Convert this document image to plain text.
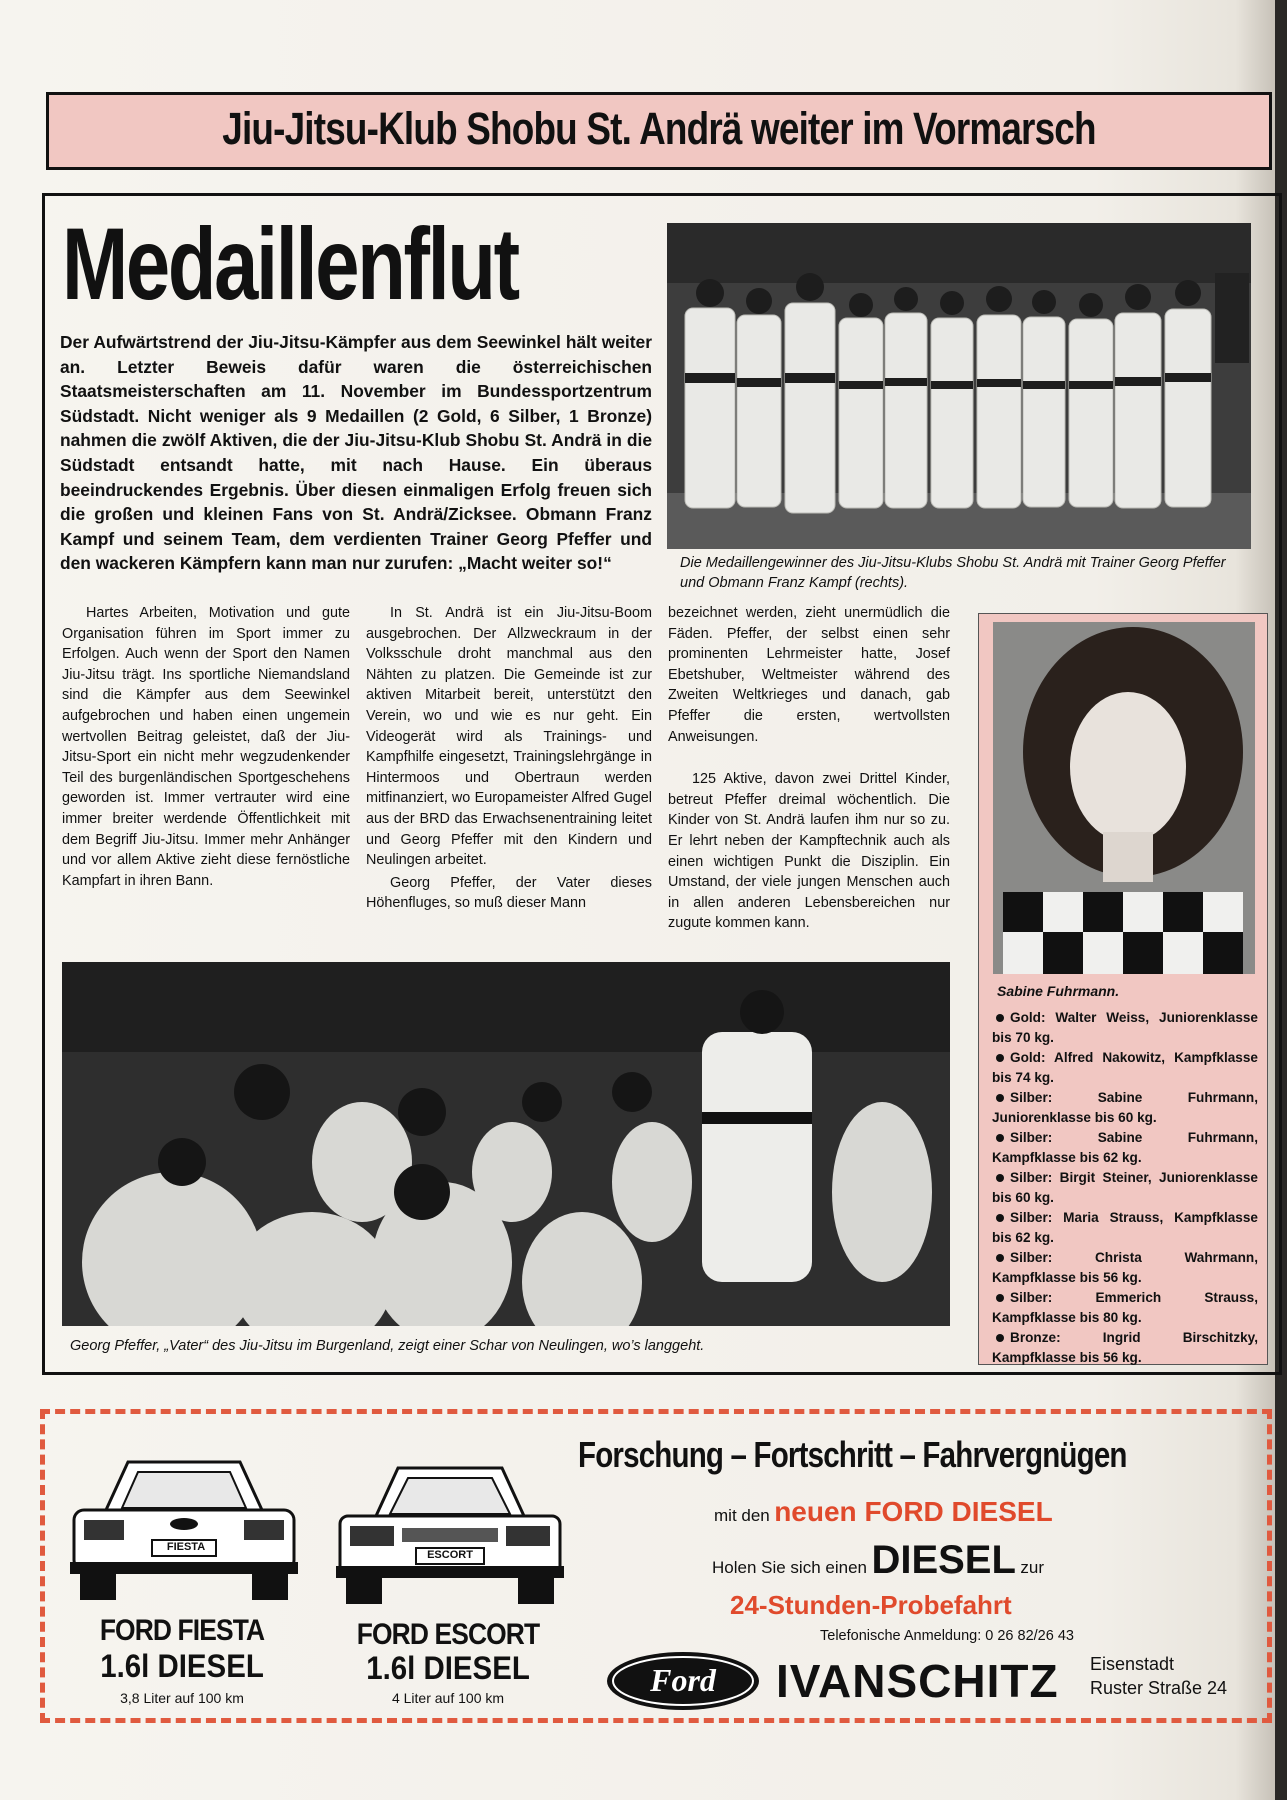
Jiu-Jitsu-Klub Shobu St. Andrä weiter im Vormarsch
Medaillenflut

Der Aufwärtstrend der Jiu-Jitsu-Kämpfer aus dem Seewinkel hält weiter an. Letzter Beweis dafür waren die österreichischen Staatsmeisterschaften am 11. November im Bundessportzentrum Südstadt. Nicht weniger als 9 Medaillen (2 Gold, 6 Silber, 1 Bronze) nahmen die zwölf Aktiven, die der Jiu-Jitsu-Klub Shobu St. Andrä in die Südstadt entsandt hatte, mit nach Hause. Ein überaus beeindruckendes Ergebnis. Über diesen einmaligen Erfolg freuen sich die großen und kleinen Fans von St. Andrä/Zicksee. Obmann Franz Kampf und seinem Team, dem verdienten Trainer Georg Pfeffer und den wackeren Kämpfern kann man nur zurufen: „Macht weiter so!“	Die Medaillengewinner des Jiu-Jitsu-Klubs Shobu St. Andrä mit Trainer Georg Pfeffer und Obmann Franz Kampf (rechts).

Hartes Arbeiten, Motivation und gute Organisation führen im Sport immer zu Erfolgen. Auch wenn der Sport den Namen Jiu-Jitsu trägt. Ins sportliche Niemandsland sind die Kämpfer aus dem Seewinkel aufgebrochen und haben einen ungemein wertvollen Beitrag geleistet, daß der Jiu-Jitsu-Sport ein nicht mehr wegzudenkender Teil des burgenländischen Sportgeschehens geworden ist. Immer vertrauter wird eine immer breiter werdende Öffentlichkeit mit dem Begriff Jiu-Jitsu. Immer mehr Anhänger und vor allem Aktive zieht diese fernöstliche Kampfart in ihren Bann.

In St. Andrä ist ein Jiu-Jitsu-Boom ausgebrochen. Der Allzweckraum in der Volksschule droht manchmal aus den Nähten zu platzen. Die Gemeinde ist zur aktiven Mitarbeit bereit, unterstützt den Verein, wo und wie es nur geht. Ein Videogerät wird als Trainings- und Kampfhilfe eingesetzt, Trainingslehrgänge in Hintermoos und Obertraun werden mitfinanziert, wo Europameister Alfred Gugel aus der BRD das Erwachsenentraining leitet und Georg Pfeffer mit den Kindern und Neulingen arbeitet.

Georg Pfeffer, der Vater dieses Höhenfluges, so muß dieser Mann

bezeichnet werden, zieht unermüdlich die Fäden. Pfeffer, der selbst einen sehr prominenten Lehrmeister hatte, Josef Ebetshuber, Weltmeister während des Zweiten Weltkrieges und danach, gab Pfeffer die ersten, wertvollsten Anweisungen.

125 Aktive, davon zwei Drittel Kinder, betreut Pfeffer dreimal wöchentlich. Die Kinder von St. Andrä laufen ihm nur so zu. Er lehrt neben der Kampftechnik auch als einen wichtigen Punkt die Disziplin. Ein Umstand, der viele jungen Menschen auch in allen anderen Lebensbereichen nur zugute kommen kann.

Georg Pfeffer, „Vater“ des Jiu-Jitsu im Burgenland, zeigt einer Schar von Neulingen, wo’s langgeht.

Sabine Fuhrmann.

Gold: Walter Weiss, Juniorenklasse bis 70 kg.
Gold: Alfred Nakowitz, Kampfklasse bis 74 kg.
Silber: Sabine Fuhrmann, Juniorenklasse bis 60 kg.
Silber: Sabine Fuhrmann, Kampfklasse bis 62 kg.
Silber: Birgit Steiner, Juniorenklasse bis 60 kg.
Silber: Maria Strauss, Kampfklasse bis 62 kg.
Silber: Christa Wahrmann, Kampfklasse bis 56 kg.
Silber: Emmerich Strauss, Kampfklasse bis 80 kg.
Bronze: Ingrid Birschitzky, Kampfklasse bis 56 kg.
FIESTA

FORD FIESTA

1.6l DIESEL

3,8 Liter auf 100 km

ESCORT

FORD ESCORT

1.6l DIESEL

4 Liter auf 100 km

Forschung – Fortschritt – Fahrvergnügen

mit den neuen FORD DIESEL

Holen Sie sich einen DIESEL zur

24-Stunden-Probefahrt

Telefonische Anmeldung: 0 26 82/26 43

Ford	IVANSCHITZ Eisenstadt

Ruster Straße 24
